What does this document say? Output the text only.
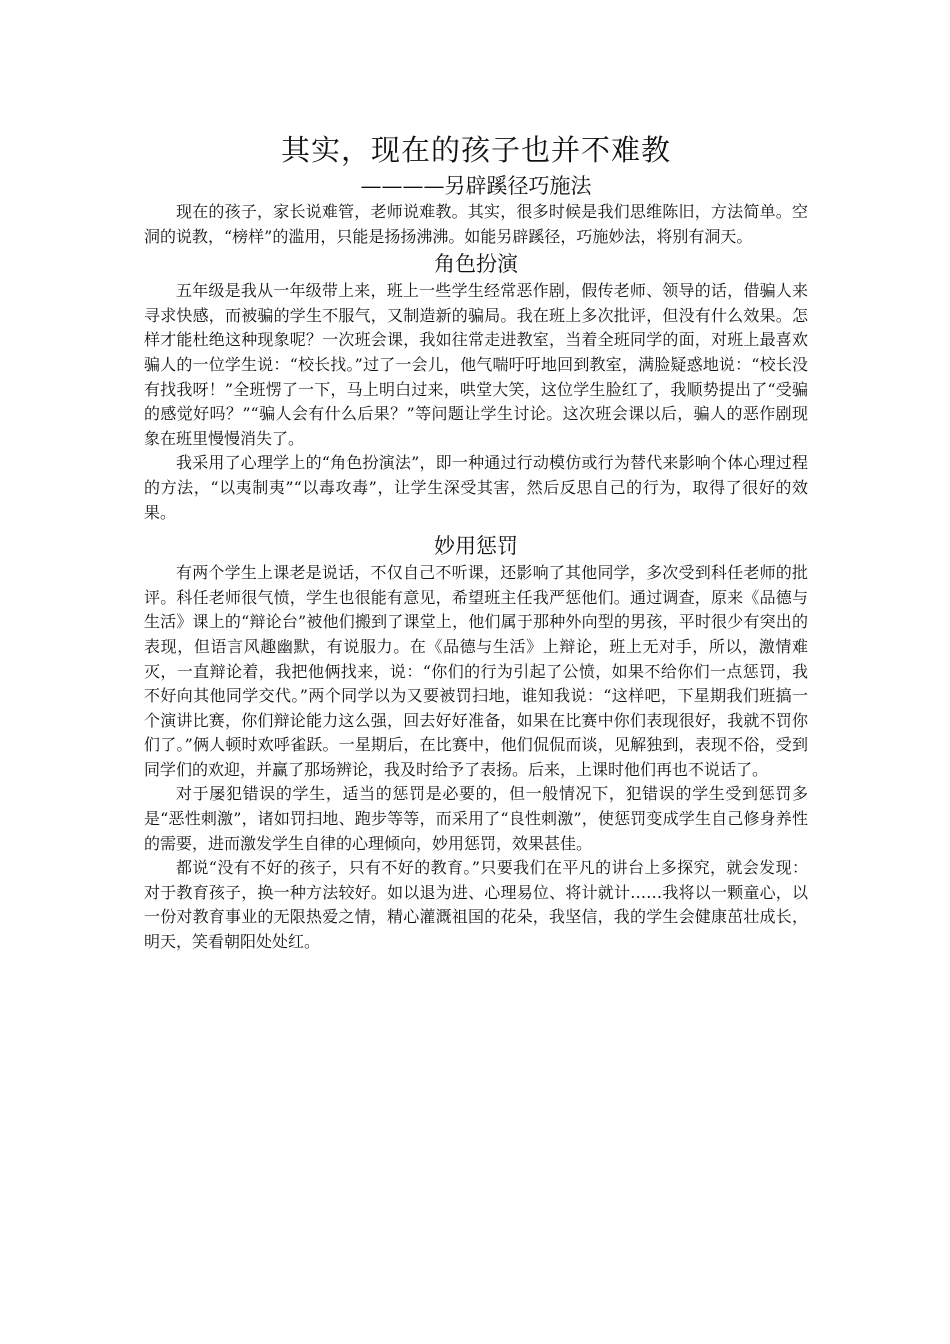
其实，现在的孩子也并不难教
————另辟蹊径巧施法

现在的孩子，家长说难管，老师说难教。其实，很多时候是我们思维陈旧，方法简单。空洞的说教，“榜样”的滥用，只能是扬扬沸沸。如能另辟蹊径，巧施妙法，将别有洞天。

角色扮演

五年级是我从一年级带上来，班上一些学生经常恶作剧，假传老师、领导的话，借骗人来寻求快感，而被骗的学生不服气，又制造新的骗局。我在班上多次批评，但没有什么效果。怎样才能杜绝这种现象呢？一次班会课，我如往常走进教室，当着全班同学的面，对班上最喜欢骗人的一位学生说：“校长找。”过了一会儿，他气喘吁吁地回到教室，满脸疑惑地说：“校长没有找我呀！”全班愣了一下，马上明白过来，哄堂大笑，这位学生脸红了，我顺势提出了“受骗的感觉好吗？”“骗人会有什么后果？”等问题让学生讨论。这次班会课以后，骗人的恶作剧现象在班里慢慢消失了。

我采用了心理学上的“角色扮演法”，即一种通过行动模仿或行为替代来影响个体心理过程的方法，“以夷制夷”“以毒攻毒”，让学生深受其害，然后反思自己的行为，取得了很好的效果。

妙用惩罚

有两个学生上课老是说话，不仅自己不听课，还影响了其他同学，多次受到科任老师的批评。科任老师很气愤，学生也很能有意见，希望班主任我严惩他们。通过调查，原来《品德与生活》课上的“辩论台”被他们搬到了课堂上，他们属于那种外向型的男孩，平时很少有突出的表现，但语言风趣幽默，有说服力。在《品德与生活》上辩论，班上无对手，所以，激情难灭，一直辩论着，我把他俩找来，说：“你们的行为引起了公愤，如果不给你们一点惩罚，我不好向其他同学交代。”两个同学以为又要被罚扫地，谁知我说：“这样吧，下星期我们班搞一个演讲比赛，你们辩论能力这么强，回去好好准备，如果在比赛中你们表现很好，我就不罚你们了。”俩人顿时欢呼雀跃。一星期后，在比赛中，他们侃侃而谈，见解独到，表现不俗，受到同学们的欢迎，并赢了那场辨论，我及时给予了表扬。后来，上课时他们再也不说话了。

对于屡犯错误的学生，适当的惩罚是必要的，但一般情况下，犯错误的学生受到惩罚多是“恶性刺激”，诸如罚扫地、跑步等等，而采用了“良性刺激”，使惩罚变成学生自己修身养性的需要，进而激发学生自律的心理倾向，妙用惩罚，效果甚佳。

都说“没有不好的孩子，只有不好的教育。”只要我们在平凡的讲台上多探究，就会发现：对于教育孩子，换一种方法较好。如以退为进、心理易位、将计就计……我将以一颗童心，以一份对教育事业的无限热爱之情，精心灌溉祖国的花朵，我坚信，我的学生会健康茁壮成长，明天，笑看朝阳处处红。
